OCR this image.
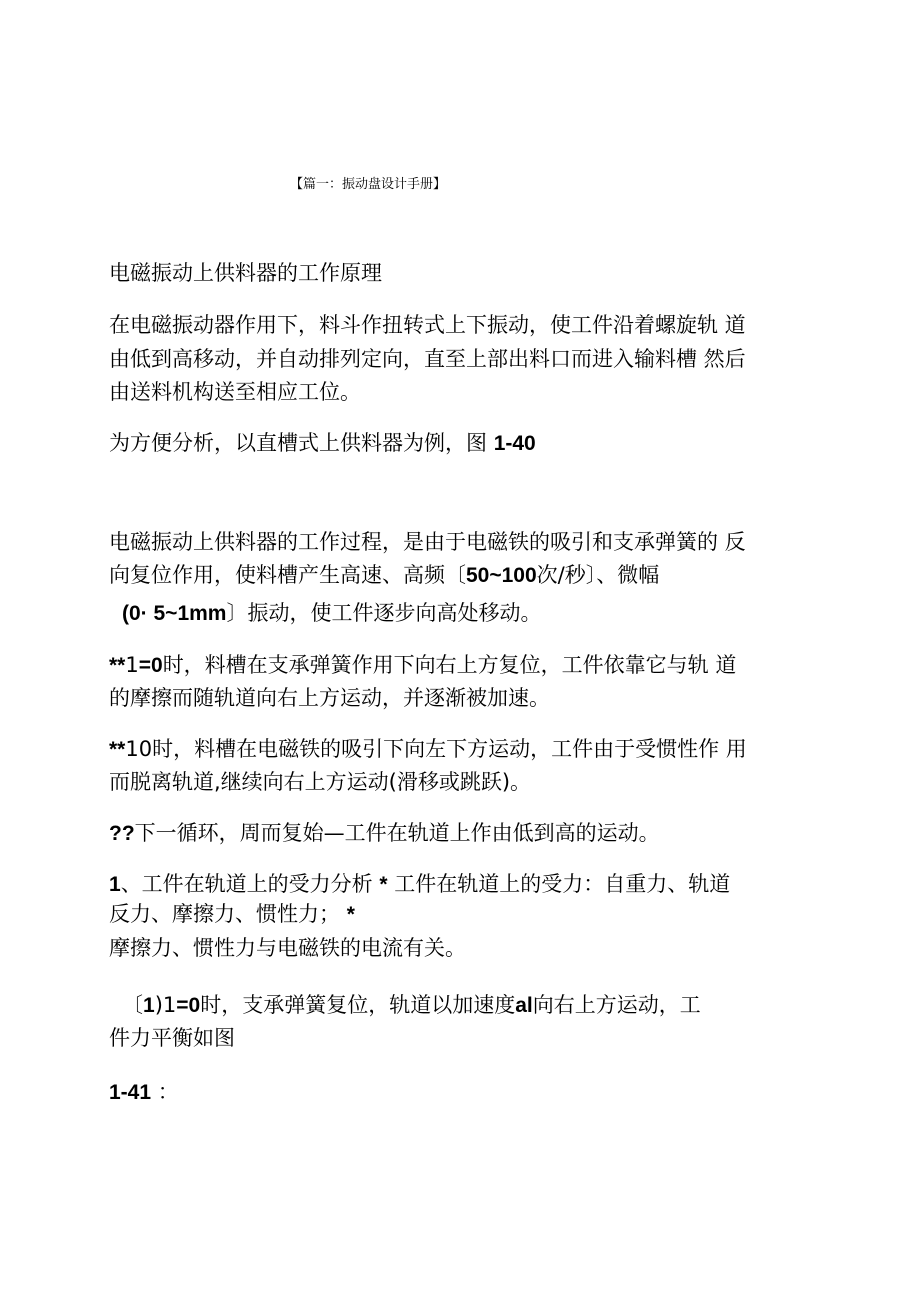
【篇一：振动盘设计手册】
电磁振动上供料器的工作原理
在电磁振动器作用下，料斗作扭转式上下振动，使工件沿着螺旋轨 道
由低到高移动，并自动排列定向，直至上部出料口而进入输料槽 然后
由送料机构送至相应工位。
为方便分析，以直槽式上供料器为例，图 1-40
电磁振动上供料器的工作过程，是由于电磁铁的吸引和支承弹簧的 反
向复位作用，使料槽产生高速、高频〔50~100次/秒〕、微幅
(0· 5~1mm〕振动，使工件逐步向高处移动。
**1=0时，料槽在支承弹簧作用下向右上方复位，工件依靠它与轨 道
的摩擦而随轨道向右上方运动，并逐渐被加速。
**10时，料槽在电磁铁的吸引下向左下方运动，工件由于受惯性作 用
而脱离轨道,继续向右上方运动(滑移或跳跃)。
??下一循环，周而复始—工件在轨道上作由低到高的运动。
1、工件在轨道上的受力分析 * 工件在轨道上的受力：自重力、轨道
反力、摩擦力、惯性力； *
摩擦力、惯性力与电磁铁的电流有关。
〔1)1=0时，支承弹簧复位，轨道以加速度al向右上方运动，工
件力平衡如图
1-41 ：
